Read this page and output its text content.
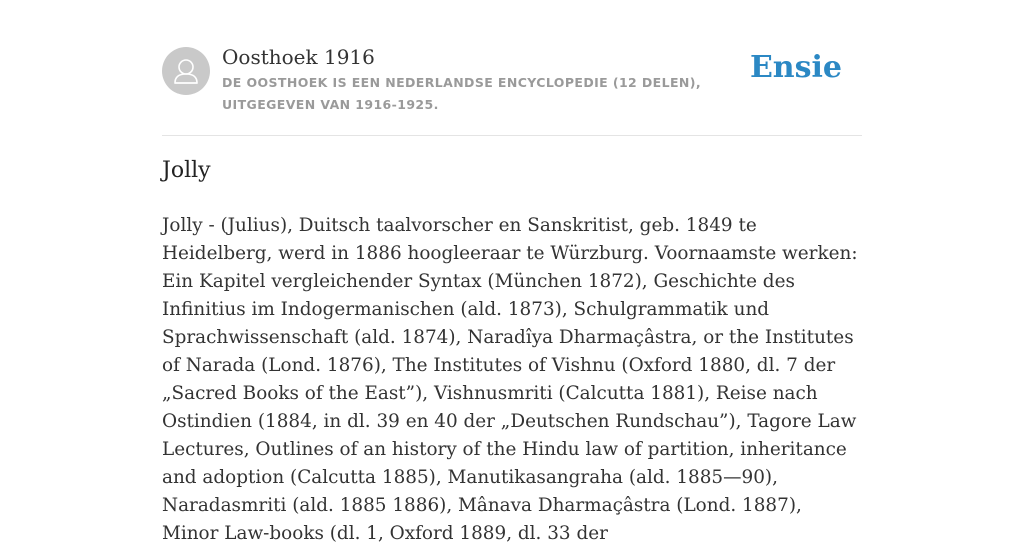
Oosthoek 1916

DE OOSTHOEK IS EEN NEDERLANDSE ENCYCLOPEDIE (12 DELEN), UITGEGEVEN VAN 1916-1925.

Ensie
Jolly

Jolly - (Julius), Duitsch taalvorscher en Sanskritist, geb. 1849 te Heidelberg, werd in 1886 hoogleeraar te Würzburg. Voornaamste werken: Ein Kapitel vergleichender Syntax (München 1872), Geschichte des Infinitius im Indogermanischen (ald. 1873), Schulgrammatik und Sprachwissenschaft (ald. 1874), Naradîya Dharmaçâstra, or the Institutes of Narada (Lond. 1876), The Institutes of Vishnu (Oxford 1880, dl. 7 der „Sacred Books of the East”), Vishnusmriti (Calcutta 1881), Reise nach Ostindien (1884, in dl. 39 en 40 der „Deutschen Rundschau”), Tagore Law Lectures, Outlines of an history of the Hindu law of partition, inheritance and adoption (Calcutta 1885), Manutikasangraha (ald. 1885—90), Naradasmriti (ald. 1885 1886), Mânava Dharmaçâstra (Lond. 1887), Minor Law-books (dl. 1, Oxford 1889, dl. 33 der
